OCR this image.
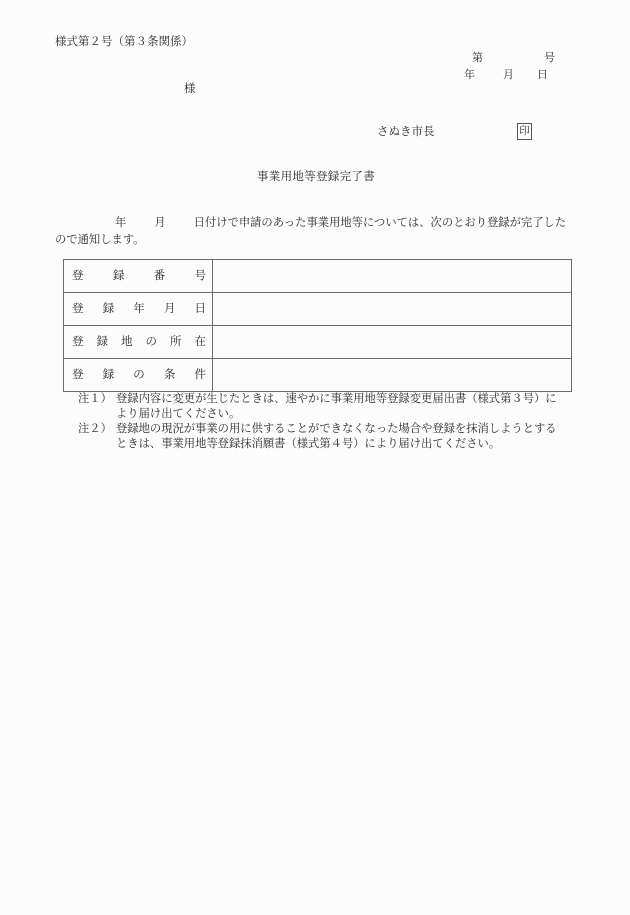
様式第２号（第３条関係）
第	号
年	月 日
様
さぬき市長	印
事業用地等登録完了書
年 月 日付けで申請のあった事業用地等については、次のとおり登録が完了した
ので通知します。
登 録 番 号	

登 録 年 月 日	

登 録 地 の 所 在

登 録 の 条 件	

注１） 登録内容に変更が生じたときは、速やかに事業用地等登録変更届出書（様式第３号）に
より届け出てください。
注２） 登録地の現況が事業の用に供することができなくなった場合や登録を抹消しようとする
ときは、事業用地等登録抹消願書（様式第４号）により届け出てください。
